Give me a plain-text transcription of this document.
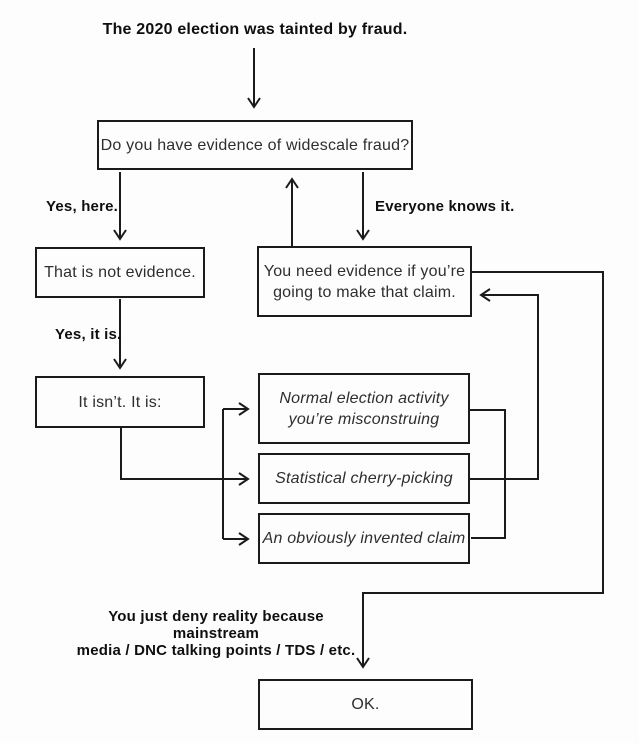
The 2020 election was tainted by fraud.
Do you have evidence of widescale fraud?
Yes, here.	Everyone knows it.
That is not evidence.	You need evidence if you’re
going to make that claim.
Yes, it is.
It isn’t. It is:	Normal election activity
you’re misconstruing
Statistical cherry-picking
An obviously invented claim
You just deny reality because mainstream
media / DNC talking points / TDS / etc.
OK.
